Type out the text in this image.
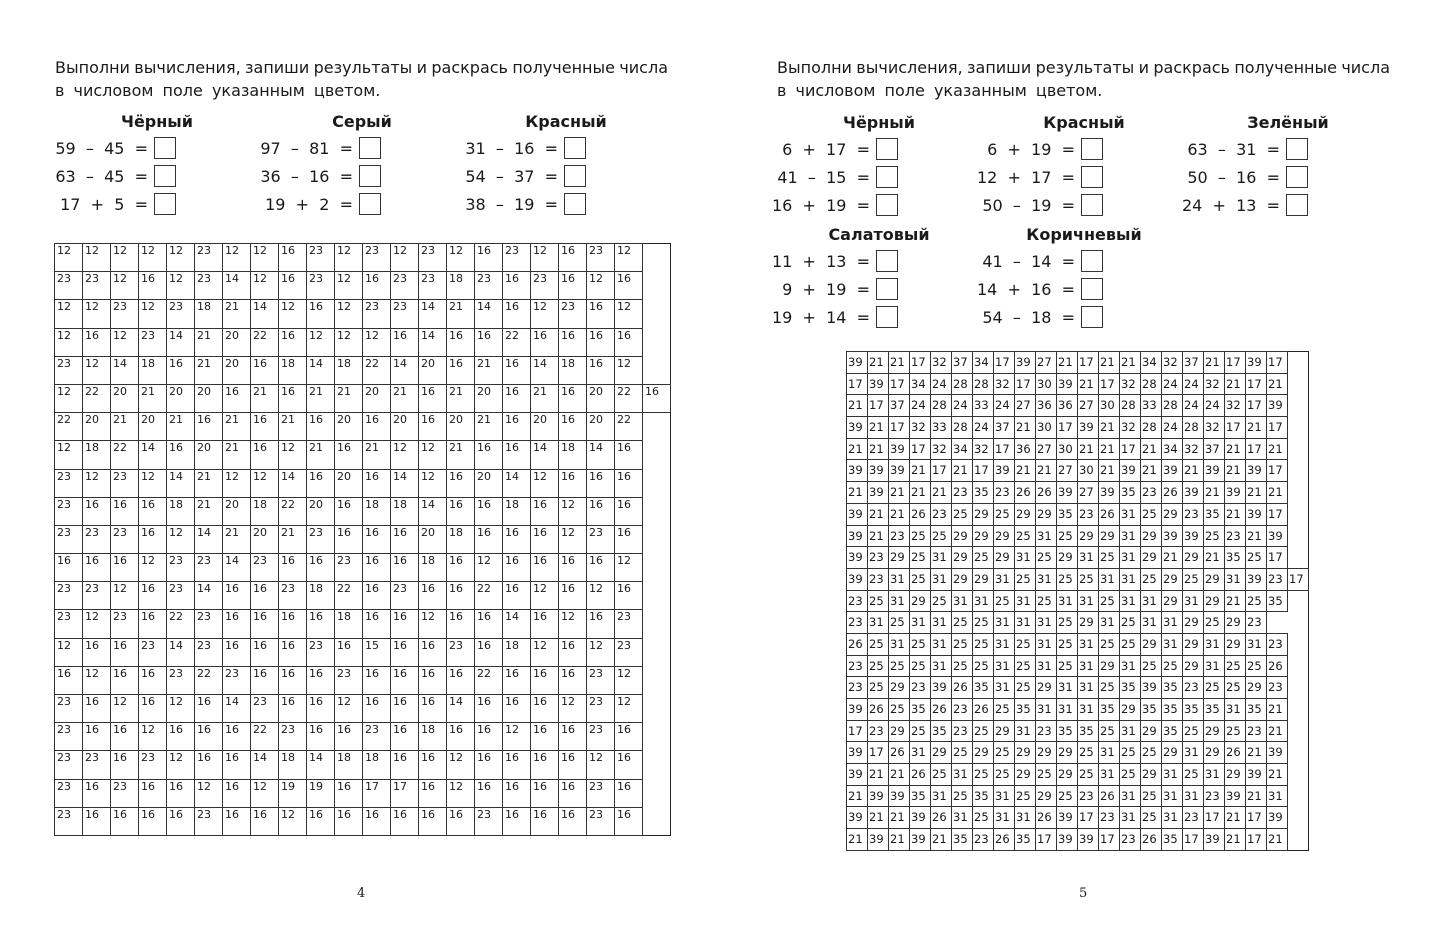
Выполни вычисления, запиши результаты и раскрась полученные числа
в числовом поле указанным цветом.
Чёрный
59  –  45  =
63  –  45  =
17  +  5  =
Серый
97  –  81  =
36  –  16  =
19  +  2  =
Красный
31  –  16  =
54  –  37  =
38  –  19  =
12	12	12	12	12	23	12	12	16	23	12	23	12	23	12	16	23	12	16	23	12	
23	23	12	16	12	23	14	12	16	23	12	16	23	23	18	23	16	23	16	12	16	
12	12	23	12	23	18	21	14	12	16	12	23	23	14	21	14	16	12	23	16	12	
12	16	12	23	14	21	20	22	16	12	12	12	16	14	16	16	22	16	16	16	16	
23	12	14	18	16	21	20	16	18	14	18	22	14	20	16	21	16	14	18	16	12	
12	22	20	21	20	20	16	21	16	21	21	20	21	16	21	20	16	21	16	20	22	16
22	20	21	20	21	16	21	16	21	16	20	16	20	16	20	21	16	20	16	20	22	
12	18	22	14	16	20	21	16	12	21	16	21	12	12	21	16	16	14	18	14	16	
23	12	23	12	14	21	12	12	14	16	20	16	14	12	16	20	14	12	16	16	16	
23	16	16	16	18	21	20	18	22	20	16	18	18	14	16	16	18	16	12	16	16	
23	23	23	16	12	14	21	20	21	23	16	16	16	20	18	16	16	16	12	23	16	
16	16	16	12	23	23	14	23	16	16	23	16	16	18	16	12	16	16	16	16	12	
23	23	12	16	23	14	16	16	23	18	22	16	23	16	16	22	16	12	16	12	16	
23	12	23	16	22	23	16	16	16	16	18	16	16	12	16	16	14	16	12	16	23	
12	16	16	23	14	23	16	16	16	23	16	15	16	16	23	16	18	12	16	12	23	
16	12	16	16	23	22	23	16	16	16	23	16	16	16	16	22	16	16	16	23	12	
23	16	12	16	12	16	14	23	16	16	12	16	16	16	14	16	16	16	12	23	12	
23	16	16	12	16	16	16	22	23	16	16	23	16	18	16	16	12	16	16	23	16	
23	23	16	23	12	16	16	14	18	14	18	18	16	16	12	16	16	16	16	12	16	
23	16	23	16	16	12	16	12	19	19	16	17	17	16	12	16	16	16	16	23	16	
23	16	16	16	16	23	16	16	12	16	16	16	16	16	16	23	16	16	16	23	16	
4
Выполни вычисления, запиши результаты и раскрась полученные числа
в числовом поле указанным цветом.
Чёрный
6  +  17  =
41  –  15  =
16  +  19  =
Красный
6  +  19  =
12  +  17  =
50  –  19  =
Зелёный
63  –  31  =
50  –  16  =
24  +  13  =
Салатовый
11  +  13  =
9  +  19  =
19  +  14  =
Коричневый
41  –  14  =
14  +  16  =
54  –  18  =
39	21	21	17	32	37	34	17	39	27	21	17	21	21	34	32	37	21	17	39	17	
17	39	17	34	24	28	28	32	17	30	39	21	17	32	28	24	24	32	21	17	21	
21	17	37	24	28	24	33	24	27	36	36	27	30	28	33	28	24	24	32	17	39	
39	21	17	32	33	28	24	37	21	30	17	39	21	32	28	24	28	32	17	21	17	
21	21	39	17	32	34	32	17	36	27	30	21	21	17	21	34	32	37	21	17	21	
39	39	39	21	17	21	17	39	21	21	27	30	21	39	21	39	21	39	21	39	17	
21	39	21	21	21	23	35	23	26	26	39	27	39	35	23	26	39	21	39	21	21	
39	21	21	26	23	25	29	25	29	29	35	23	26	31	25	29	23	35	21	39	17	
39	21	23	25	25	29	29	29	25	31	25	29	29	31	29	39	39	25	23	21	39	
39	23	29	25	31	29	25	29	31	25	29	31	25	31	29	21	29	21	35	25	17	
39	23	31	25	31	29	29	31	25	31	25	25	31	31	25	29	25	29	31	39	23	17
23	25	31	29	25	31	31	25	31	25	31	31	25	31	31	29	31	29	21	25	35	
23	31	25	31	31	25	25	31	31	31	25	29	31	25	31	31	29	25	29	23		
26	25	31	25	31	25	25	31	25	31	25	31	25	25	29	31	29	31	29	31	23	
23	25	25	25	31	25	25	31	25	31	25	31	29	31	25	25	29	31	25	25	26	
23	25	29	23	39	26	35	31	25	29	31	31	25	35	39	35	23	25	25	29	23	
39	26	25	35	26	23	26	25	35	31	31	31	35	29	35	35	35	35	31	35	21	
17	23	29	25	35	23	25	29	31	23	35	35	25	31	29	35	25	29	25	23	21	
39	17	26	31	29	25	29	25	29	29	29	25	31	25	25	29	31	29	26	21	39	
39	21	21	26	25	31	25	25	29	25	29	25	31	25	29	31	25	31	29	39	21	
21	39	39	35	31	25	35	31	25	29	25	23	26	31	25	31	31	23	39	21	31	
39	21	21	39	26	31	25	31	31	26	39	17	23	31	25	31	23	17	21	17	39	
21	39	21	39	21	35	23	26	35	17	39	39	17	23	26	35	17	39	21	17	21	
5
